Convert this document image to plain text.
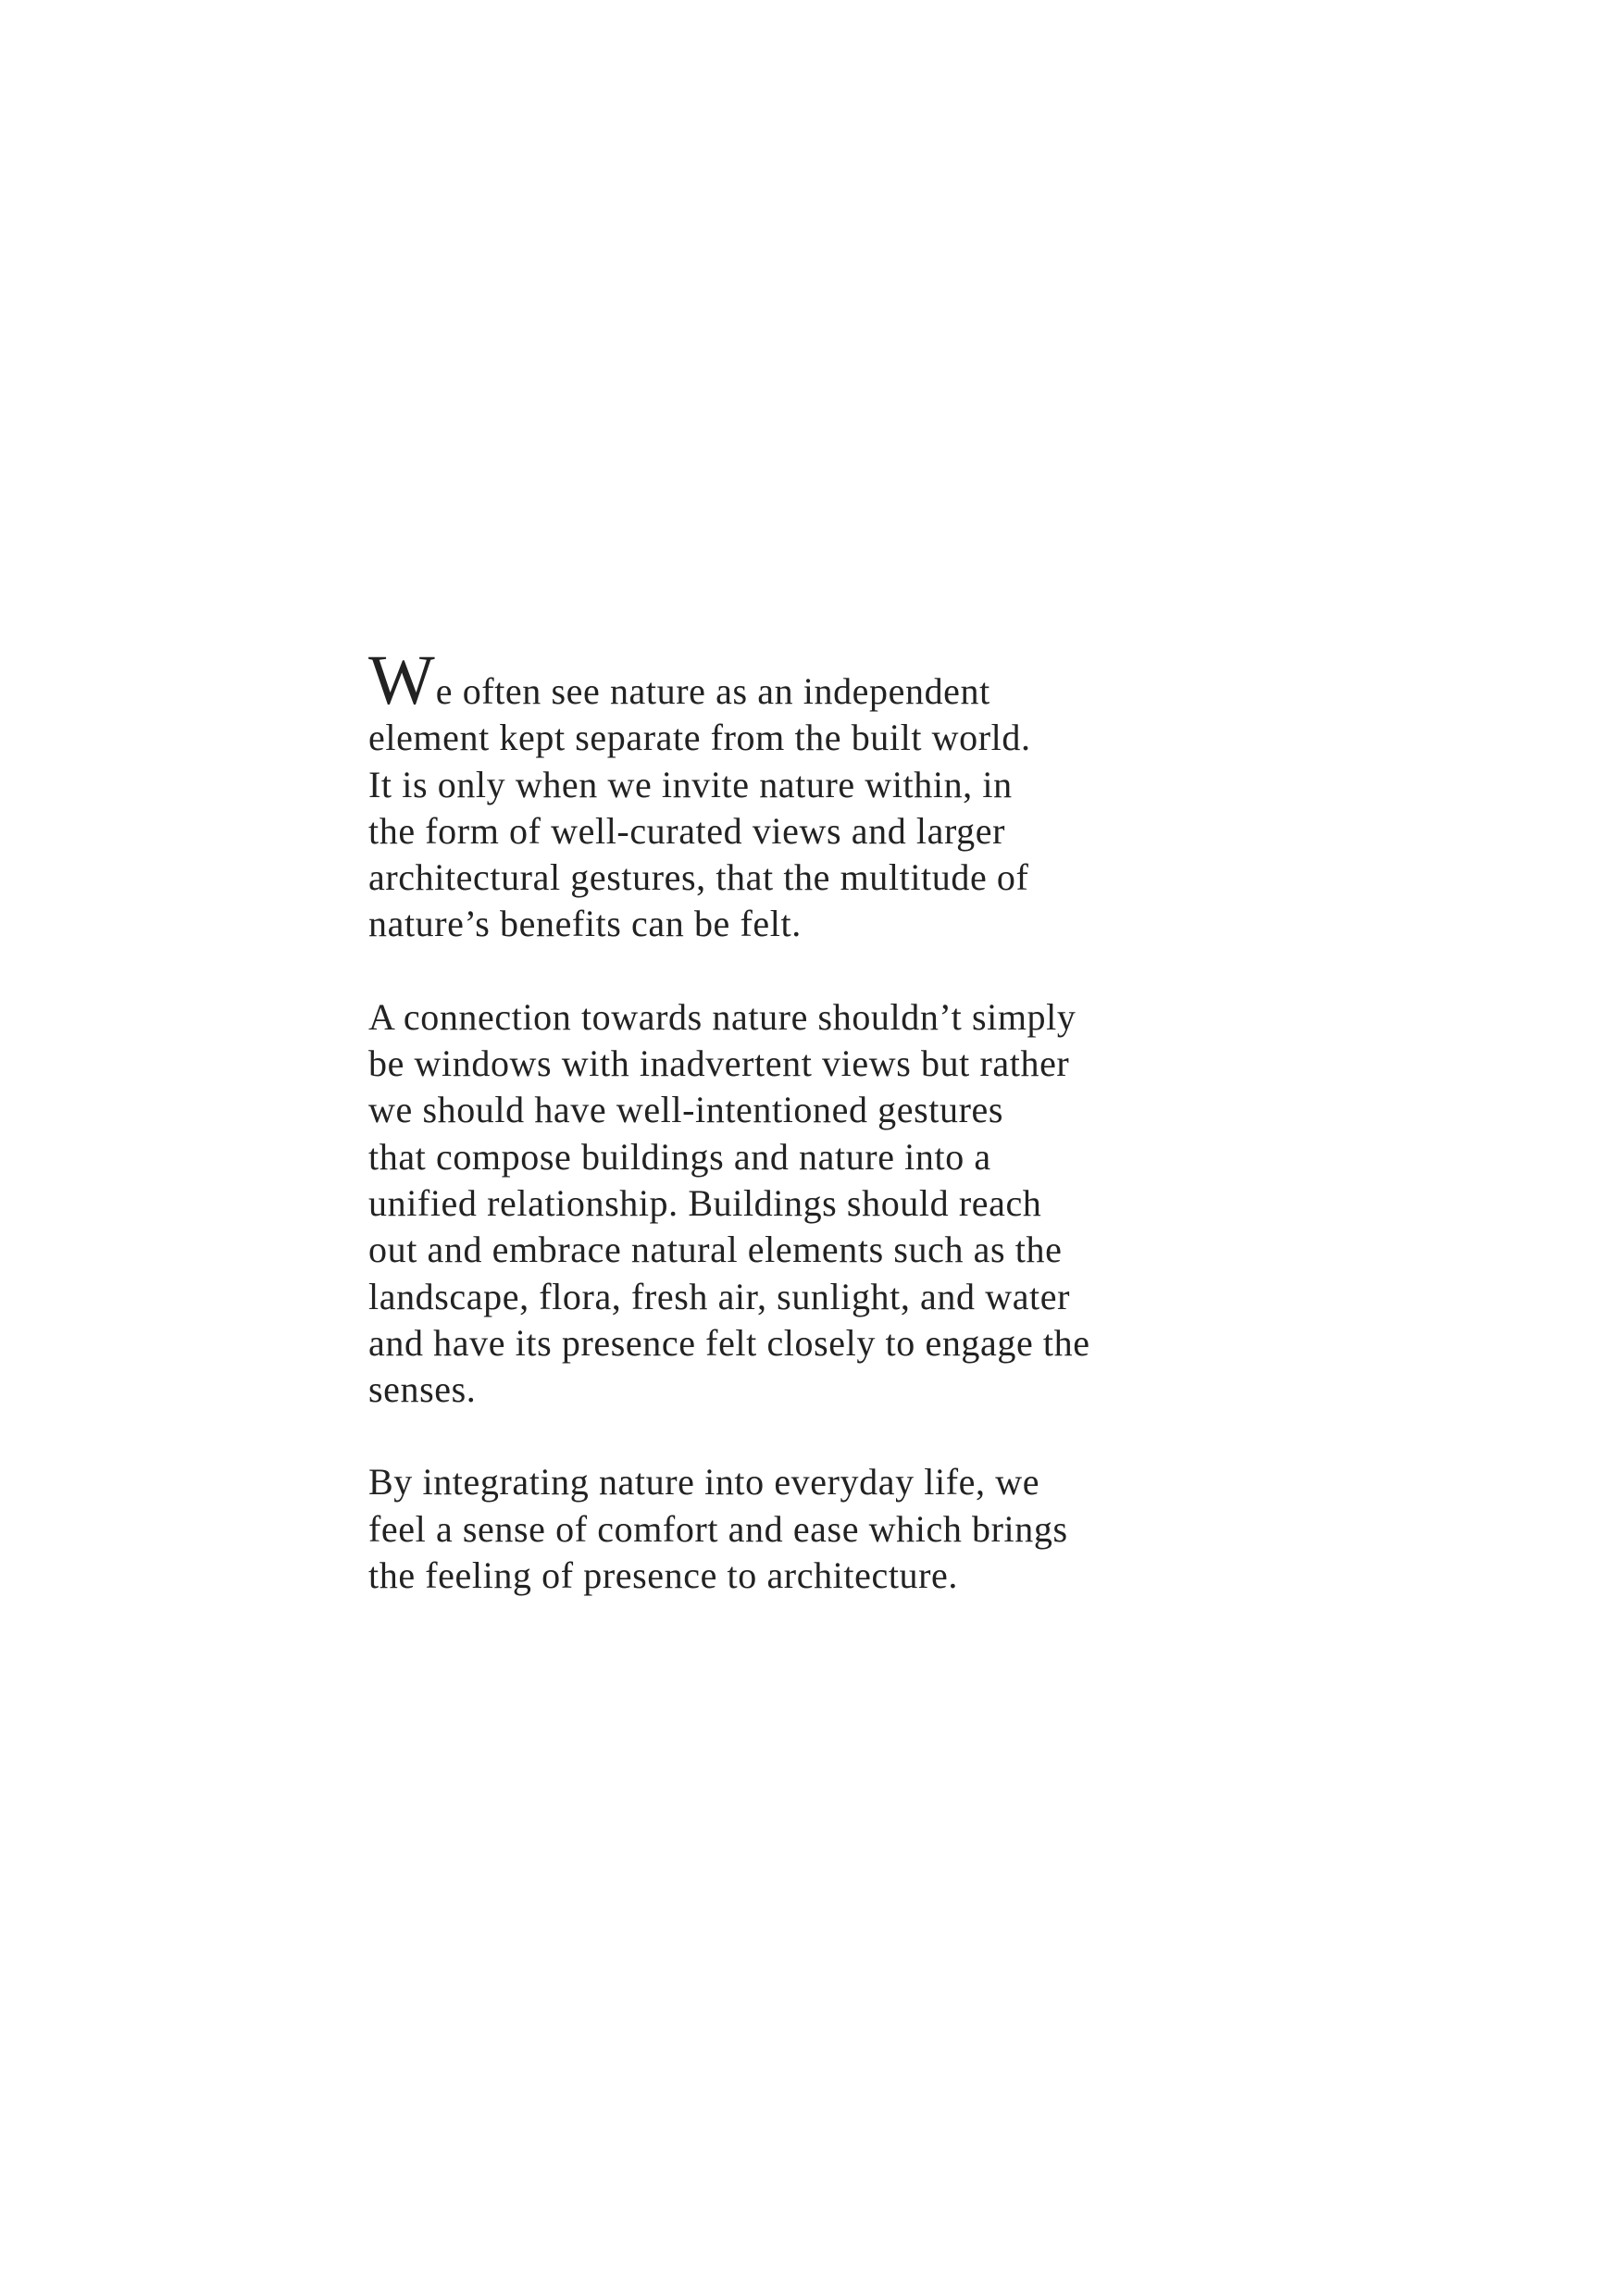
We often see nature as an independent
element kept separate from the built world.
It is only when we invite nature within, in
the form of well-curated views and larger
architectural gestures, that the multitude of
nature’s benefits can be felt.

A connection towards nature shouldn’t simply
be windows with inadvertent views but rather
we should have well-intentioned gestures
that compose buildings and nature into a
unified relationship. Buildings should reach
out and embrace natural elements such as the
landscape, flora, fresh air, sunlight, and water
and have its presence felt closely to engage the
senses.

By integrating nature into everyday life, we
feel a sense of comfort and ease which brings
the feeling of presence to architecture.
